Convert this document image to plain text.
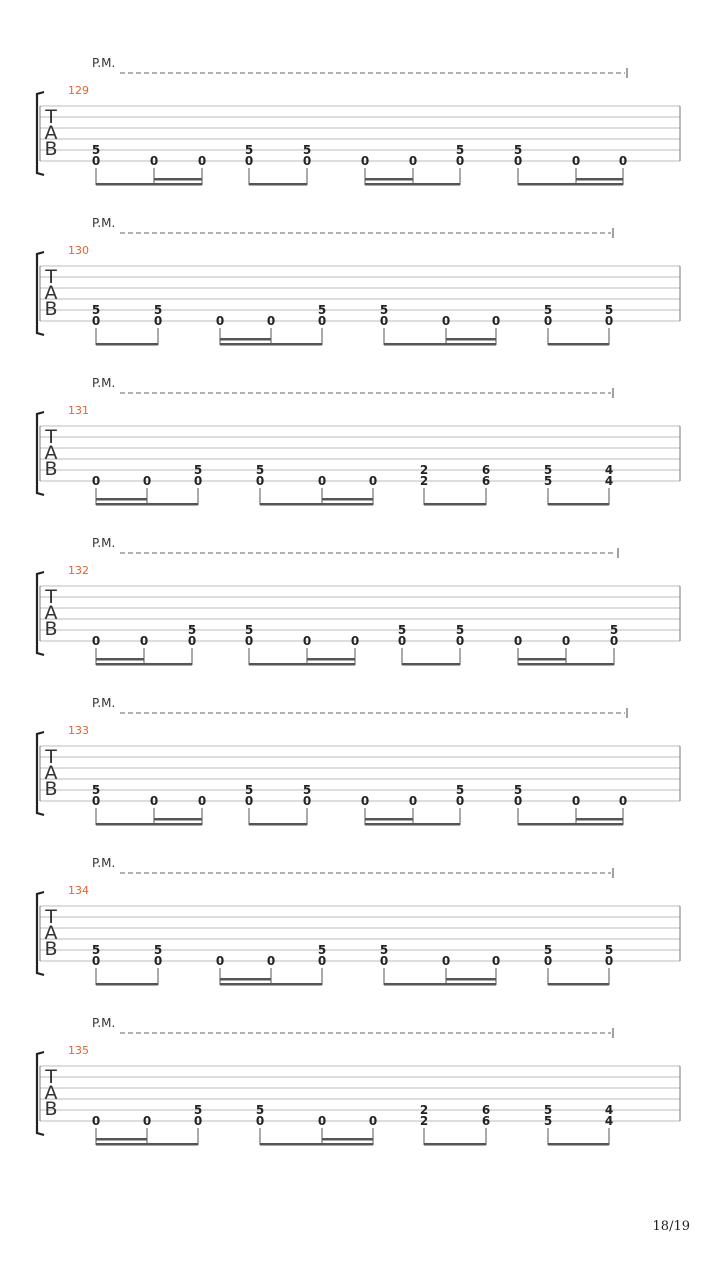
P.M.
129
T
A
B	5
0	0	0
5
0
5
0	0	0
5
0
5
0	0	0
P.M.
130
T
A
B	5
0
5
0	0	0
5
0
5
0	0	0
5
0
5
0
P.M.
131
T
A
B
0	0
5
0
5
0	0	0
2
2
6
6
5
5
4
4
P.M.
132
T
A
B
0	0
5
0
5
0	0	0
5
0
5
0	0	0
5
0
P.M.
133
T
A
B	5
0	0	0
5
0
5
0	0	0
5
0
5
0	0	0
P.M.
134
T
A
B	5
0
5
0	0	0
5
0
5
0	0	0
5
0
5
0
P.M.
135
T
A
B
0	0
5
0
5
0	0	0
2
2
6
6
5
5
4
4
18/19
